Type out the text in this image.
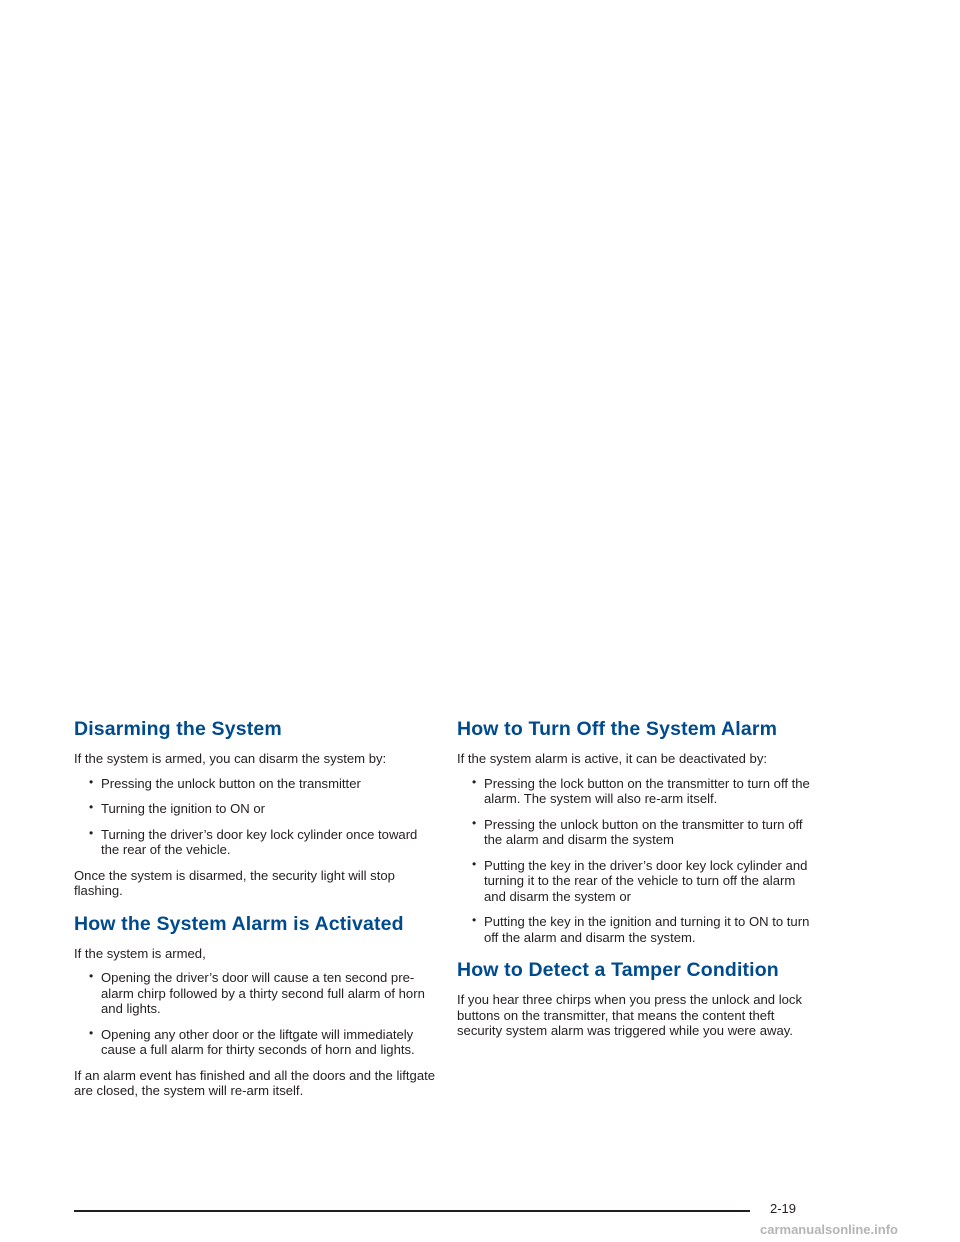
Disarming the System

If the system is armed, you can disarm the system by:

• Pressing the unlock button on the transmitter
• Turning the ignition to ON or
• Turning the driver’s door key lock cylinder once toward the rear of the vehicle.

Once the system is disarmed, the security light will stop flashing.

How the System Alarm is Activated

If the system is armed,

• Opening the driver’s door will cause a ten second pre-alarm chirp followed by a thirty second full alarm of horn and lights.
• Opening any other door or the liftgate will immediately cause a full alarm for thirty seconds of horn and lights.

If an alarm event has finished and all the doors and the liftgate are closed, the system will re-arm itself.

How to Turn Off the System Alarm

If the system alarm is active, it can be deactivated by:

• Pressing the lock button on the transmitter to turn off the alarm. The system will also re-arm itself.
• Pressing the unlock button on the transmitter to turn off the alarm and disarm the system
• Putting the key in the driver’s door key lock cylinder and turning it to the rear of the vehicle to turn off the alarm and disarm the system or
• Putting the key in the ignition and turning it to ON to turn off the alarm and disarm the system.
How to Detect a Tamper Condition

If you hear three chirps when you press the unlock and lock buttons on the transmitter, that means the content theft security system alarm was triggered while you were away.

2-19
carmanualsonline.info
